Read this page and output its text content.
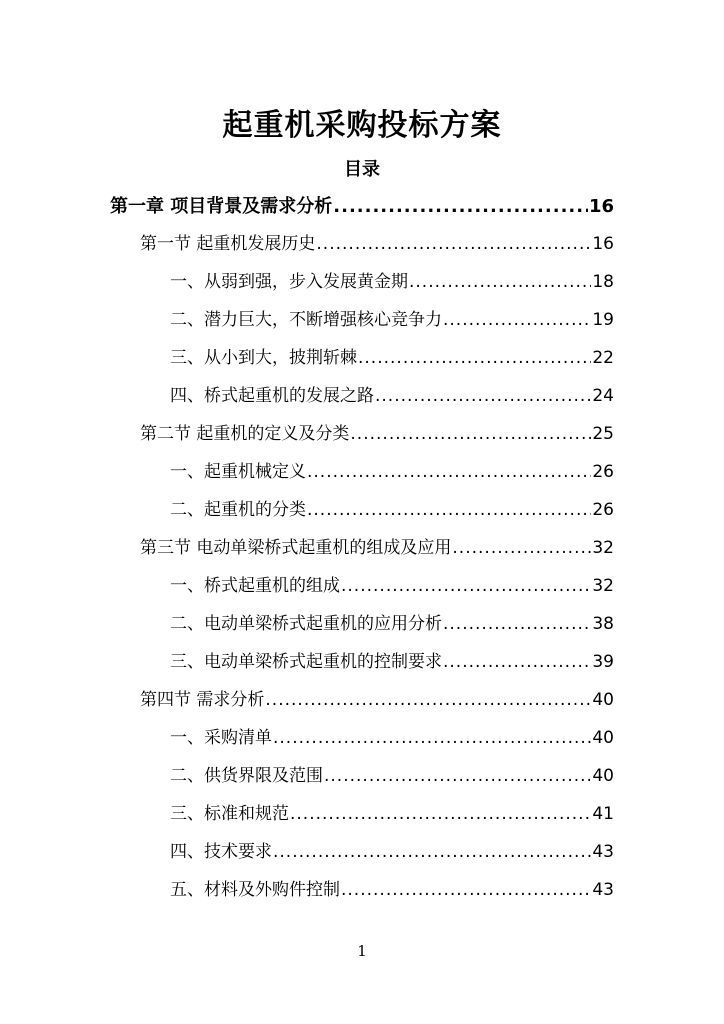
起重机采购投标方案
目录
第一章 项目背景及需求分析 .....	16
第一节 起重机发展历史 .....	16
一、从弱到强，步入发展黄金期 .....	18
二、潜力巨大，不断增强核心竞争力 .....	19
三、从小到大，披荆斩棘 .....	22
四、桥式起重机的发展之路 .....	24
第二节 起重机的定义及分类 .....	25
一、起重机械定义 .....	26
二、起重机的分类 .....	26
第三节 电动单梁桥式起重机的组成及应用 .....	32
一、桥式起重机的组成 .....	32
二、电动单梁桥式起重机的应用分析 .....	38
三、电动单梁桥式起重机的控制要求 .....	39
第四节 需求分析 .....	40
一、采购清单 .....	40
二、供货界限及范围 .....	40
三、标准和规范 .....	41
四、技术要求 .....	43
五、材料及外购件控制 .....	43
1
